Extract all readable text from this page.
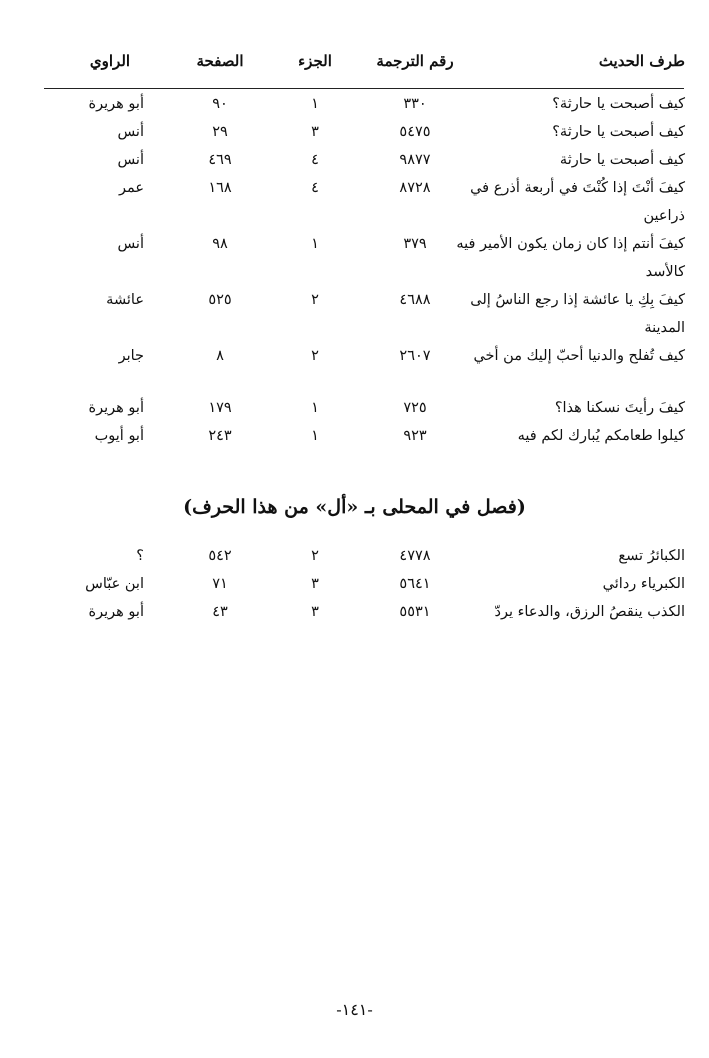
طرف الحديث
رقم الترجمة
الجزء
الصفحة
الراوي
كيف أصبحت يا حارثة؟
٣٣٠
١
٩٠
أبو هريرة
كيف أصبحت يا حارثة؟
٥٤٧٥
٣
٢٩
أنس
كيف أصبحت يا حارثة
٩٨٧٧
٤
٤٦٩
أنس
كيفَ أنْتَ إذا كُنْتَ في أربعة أذرع في ذراعين
٨٧٢٨
٤
١٦٨
عمر
كيفَ أنتم إذا كان زمان يكون الأمير فيه كالأسد
٣٧٩
١
٩٨
أنس
كيفَ بِكِ يا عائشة إذا رجع الناسُ إلى المدينة
٤٦٨٨
٢
٥٢٥
عائشة
كيف تُفلح والدنيا أحبّ إليك من أخي
٢٦٠٧
٢
٨
جابر
كيفَ رأيتَ نسكنا هذا؟
٧٢٥
١
١٧٩
أبو هريرة
كيلوا طعامكم يُبارك لكم فيه
٩٢٣
١
٢٤٣
أبو أيوب
(فصل في المحلى بـ «أل» من هذا الحرف)
الكبائرُ تسع
٤٧٧٨
٢
٥٤٢
؟
الكبرياء ردائي
٥٦٤١
٣
٧١
ابن عبّاس
الكذب ينقصُ الرزق، والدعاء يردّ
٥٥٣١
٣
٤٣
أبو هريرة
-١٤١-
